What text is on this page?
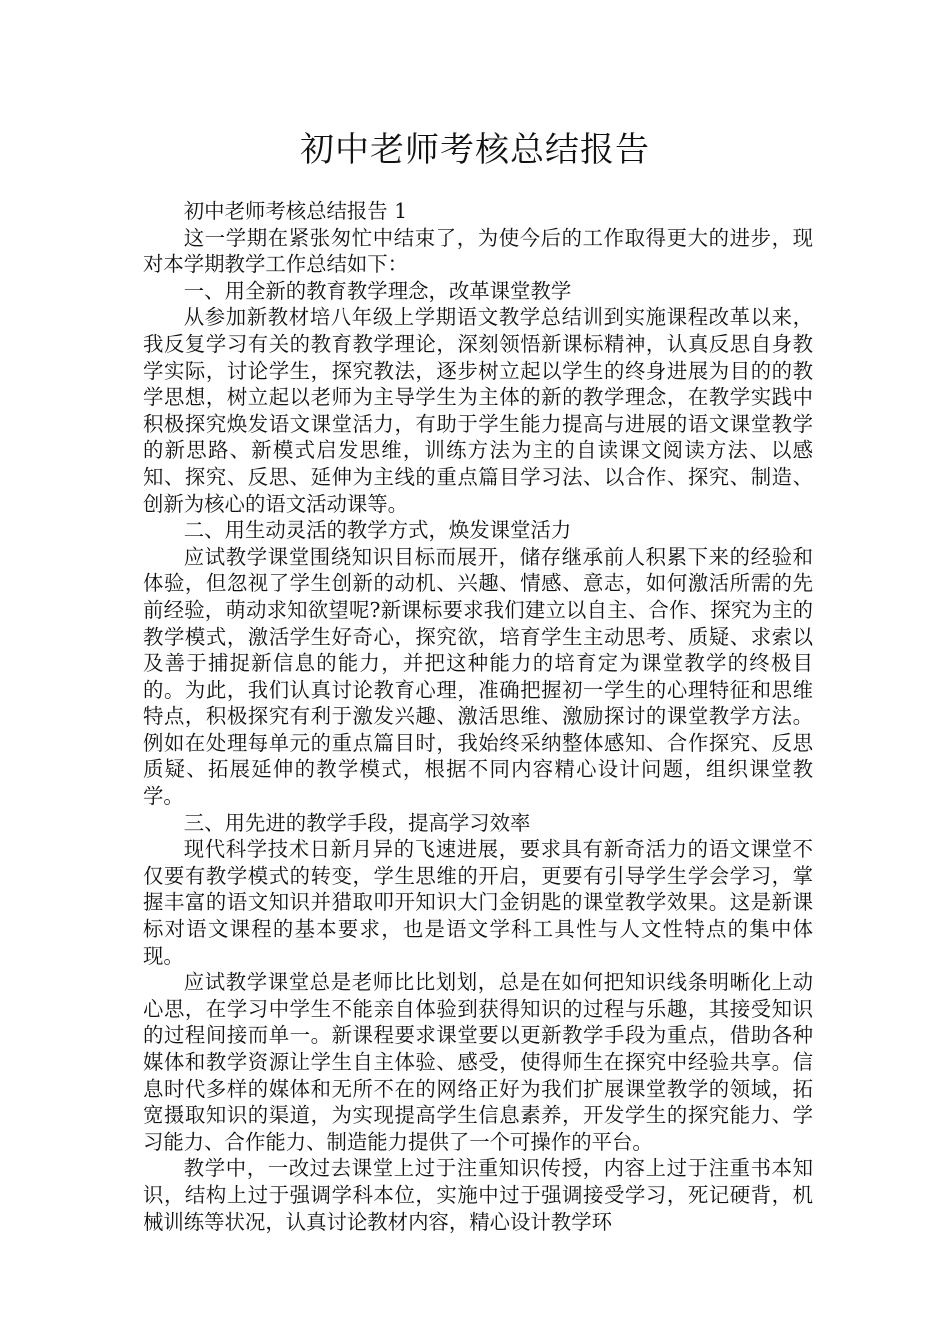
初中老师考核总结报告

初中老师考核总结报告 1

这一学期在紧张匆忙中结束了，为使今后的工作取得更大的进步，现对本学期教学工作总结如下：

一、用全新的教育教学理念，改革课堂教学

从参加新教材培八年级上学期语文教学总结训到实施课程改革以来，我反复学习有关的教育教学理论，深刻领悟新课标精神，认真反思自身教学实际，讨论学生，探究教法，逐步树立起以学生的终身进展为目的的教学思想，树立起以老师为主导学生为主体的新的教学理念，在教学实践中积极探究焕发语文课堂活力，有助于学生能力提高与进展的语文课堂教学的新思路、新模式启发思维，训练方法为主的自读课文阅读方法、以感知、探究、反思、延伸为主线的重点篇目学习法、以合作、探究、制造、创新为核心的语文活动课等。

二、用生动灵活的教学方式，焕发课堂活力

应试教学课堂围绕知识目标而展开，储存继承前人积累下来的经验和体验，但忽视了学生创新的动机、兴趣、情感、意志，如何激活所需的先前经验，萌动求知欲望呢?新课标要求我们建立以自主、合作、探究为主的教学模式，激活学生好奇心，探究欲，培育学生主动思考、质疑、求索以及善于捕捉新信息的能力，并把这种能力的培育定为课堂教学的终极目的。为此，我们认真讨论教育心理，准确把握初一学生的心理特征和思维特点，积极探究有利于激发兴趣、激活思维、激励探讨的课堂教学方法。例如在处理每单元的重点篇目时，我始终采纳整体感知、合作探究、反思质疑、拓展延伸的教学模式，根据不同内容精心设计问题，组织课堂教学。

三、用先进的教学手段，提高学习效率

现代科学技术日新月异的飞速进展，要求具有新奇活力的语文课堂不仅要有教学模式的转变，学生思维的开启，更要有引导学生学会学习，掌握丰富的语文知识并猎取叩开知识大门金钥匙的课堂教学效果。这是新课标对语文课程的基本要求，也是语文学科工具性与人文性特点的集中体现。

应试教学课堂总是老师比比划划，总是在如何把知识线条明晰化上动心思，在学习中学生不能亲自体验到获得知识的过程与乐趣，其接受知识的过程间接而单一。新课程要求课堂要以更新教学手段为重点，借助各种媒体和教学资源让学生自主体验、感受，使得师生在探究中经验共享。信息时代多样的媒体和无所不在的网络正好为我们扩展课堂教学的领域，拓宽摄取知识的渠道，为实现提高学生信息素养，开发学生的探究能力、学习能力、合作能力、制造能力提供了一个可操作的平台。

教学中，一改过去课堂上过于注重知识传授，内容上过于注重书本知识，结构上过于强调学科本位，实施中过于强调接受学习，死记硬背，机械训练等状况，认真讨论教材内容，精心设计教学环
